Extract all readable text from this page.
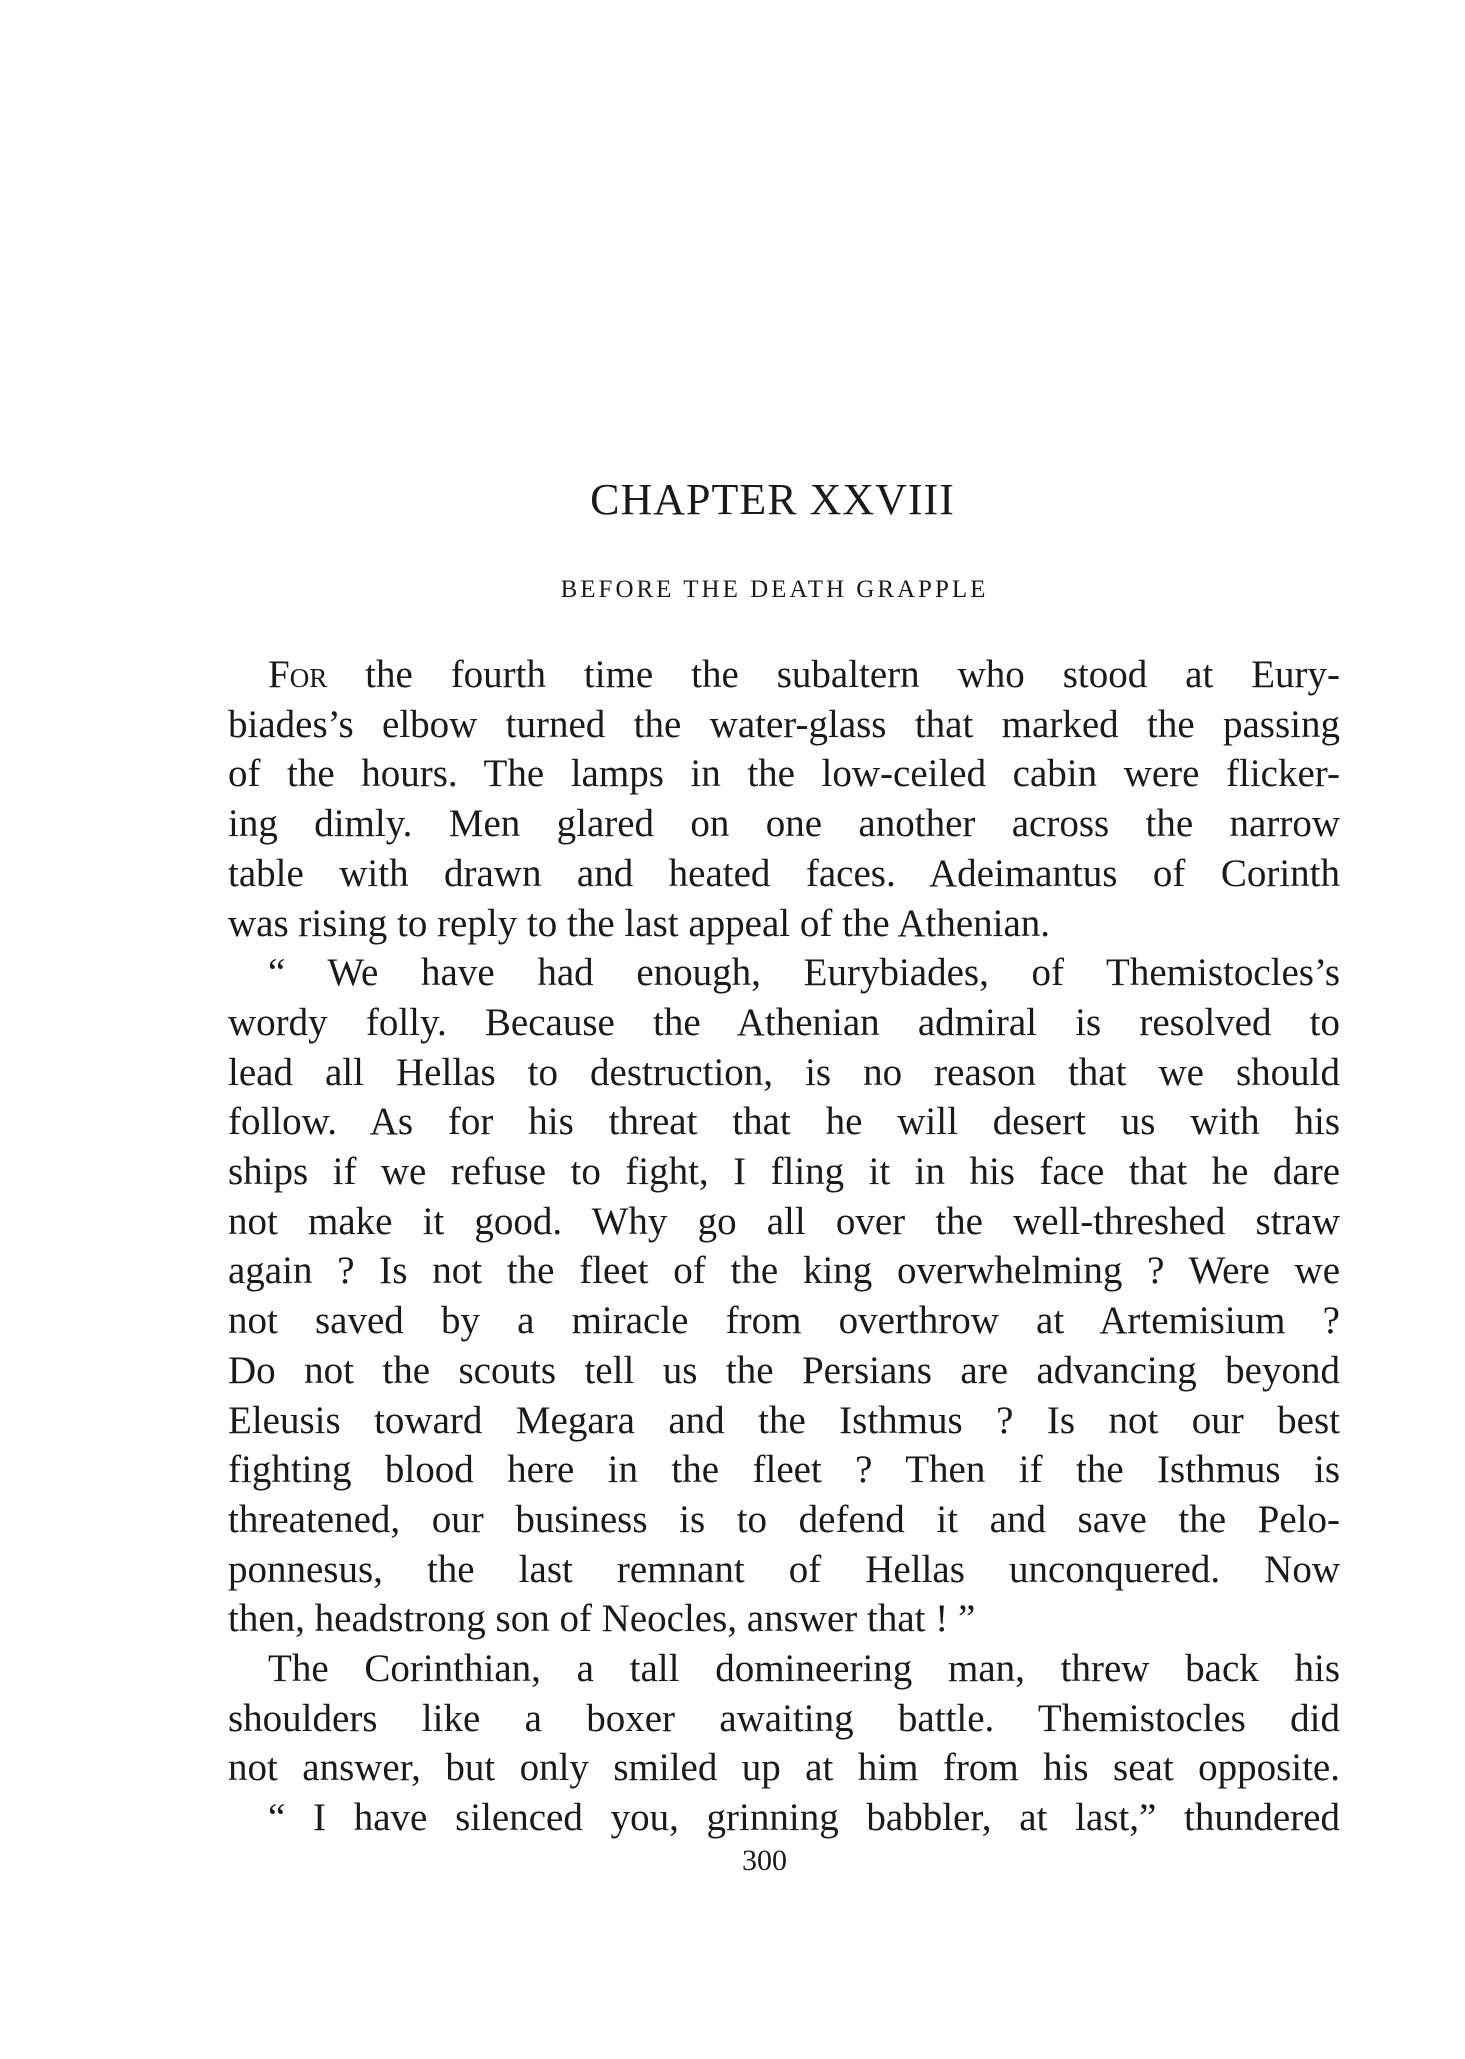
CHAPTER XXVIII
BEFORE THE DEATH GRAPPLE
For the fourth time the subaltern who stood at Eury-
biades’s elbow turned the water-glass that marked the passing
of the hours. The lamps in the low-ceiled cabin were flicker-
ing dimly. Men glared on one another across the narrow
table with drawn and heated faces. Adeimantus of Corinth
was rising to reply to the last appeal of the Athenian.
“ We have had enough, Eurybiades, of Themistocles’s
wordy folly. Because the Athenian admiral is resolved to
lead all Hellas to destruction, is no reason that we should
follow. As for his threat that he will desert us with his
ships if we refuse to fight, I fling it in his face that he dare
not make it good. Why go all over the well-threshed straw
again ? Is not the fleet of the king overwhelming ? Were we
not saved by a miracle from overthrow at Artemisium ?
Do not the scouts tell us the Persians are advancing beyond
Eleusis toward Megara and the Isthmus ? Is not our best
fighting blood here in the fleet ? Then if the Isthmus is
threatened, our business is to defend it and save the Pelo-
ponnesus, the last remnant of Hellas unconquered. Now
then, headstrong son of Neocles, answer that ! ”
The Corinthian, a tall domineering man, threw back his
shoulders like a boxer awaiting battle. Themistocles did
not answer, but only smiled up at him from his seat opposite.
“ I have silenced you, grinning babbler, at last,” thundered

300
